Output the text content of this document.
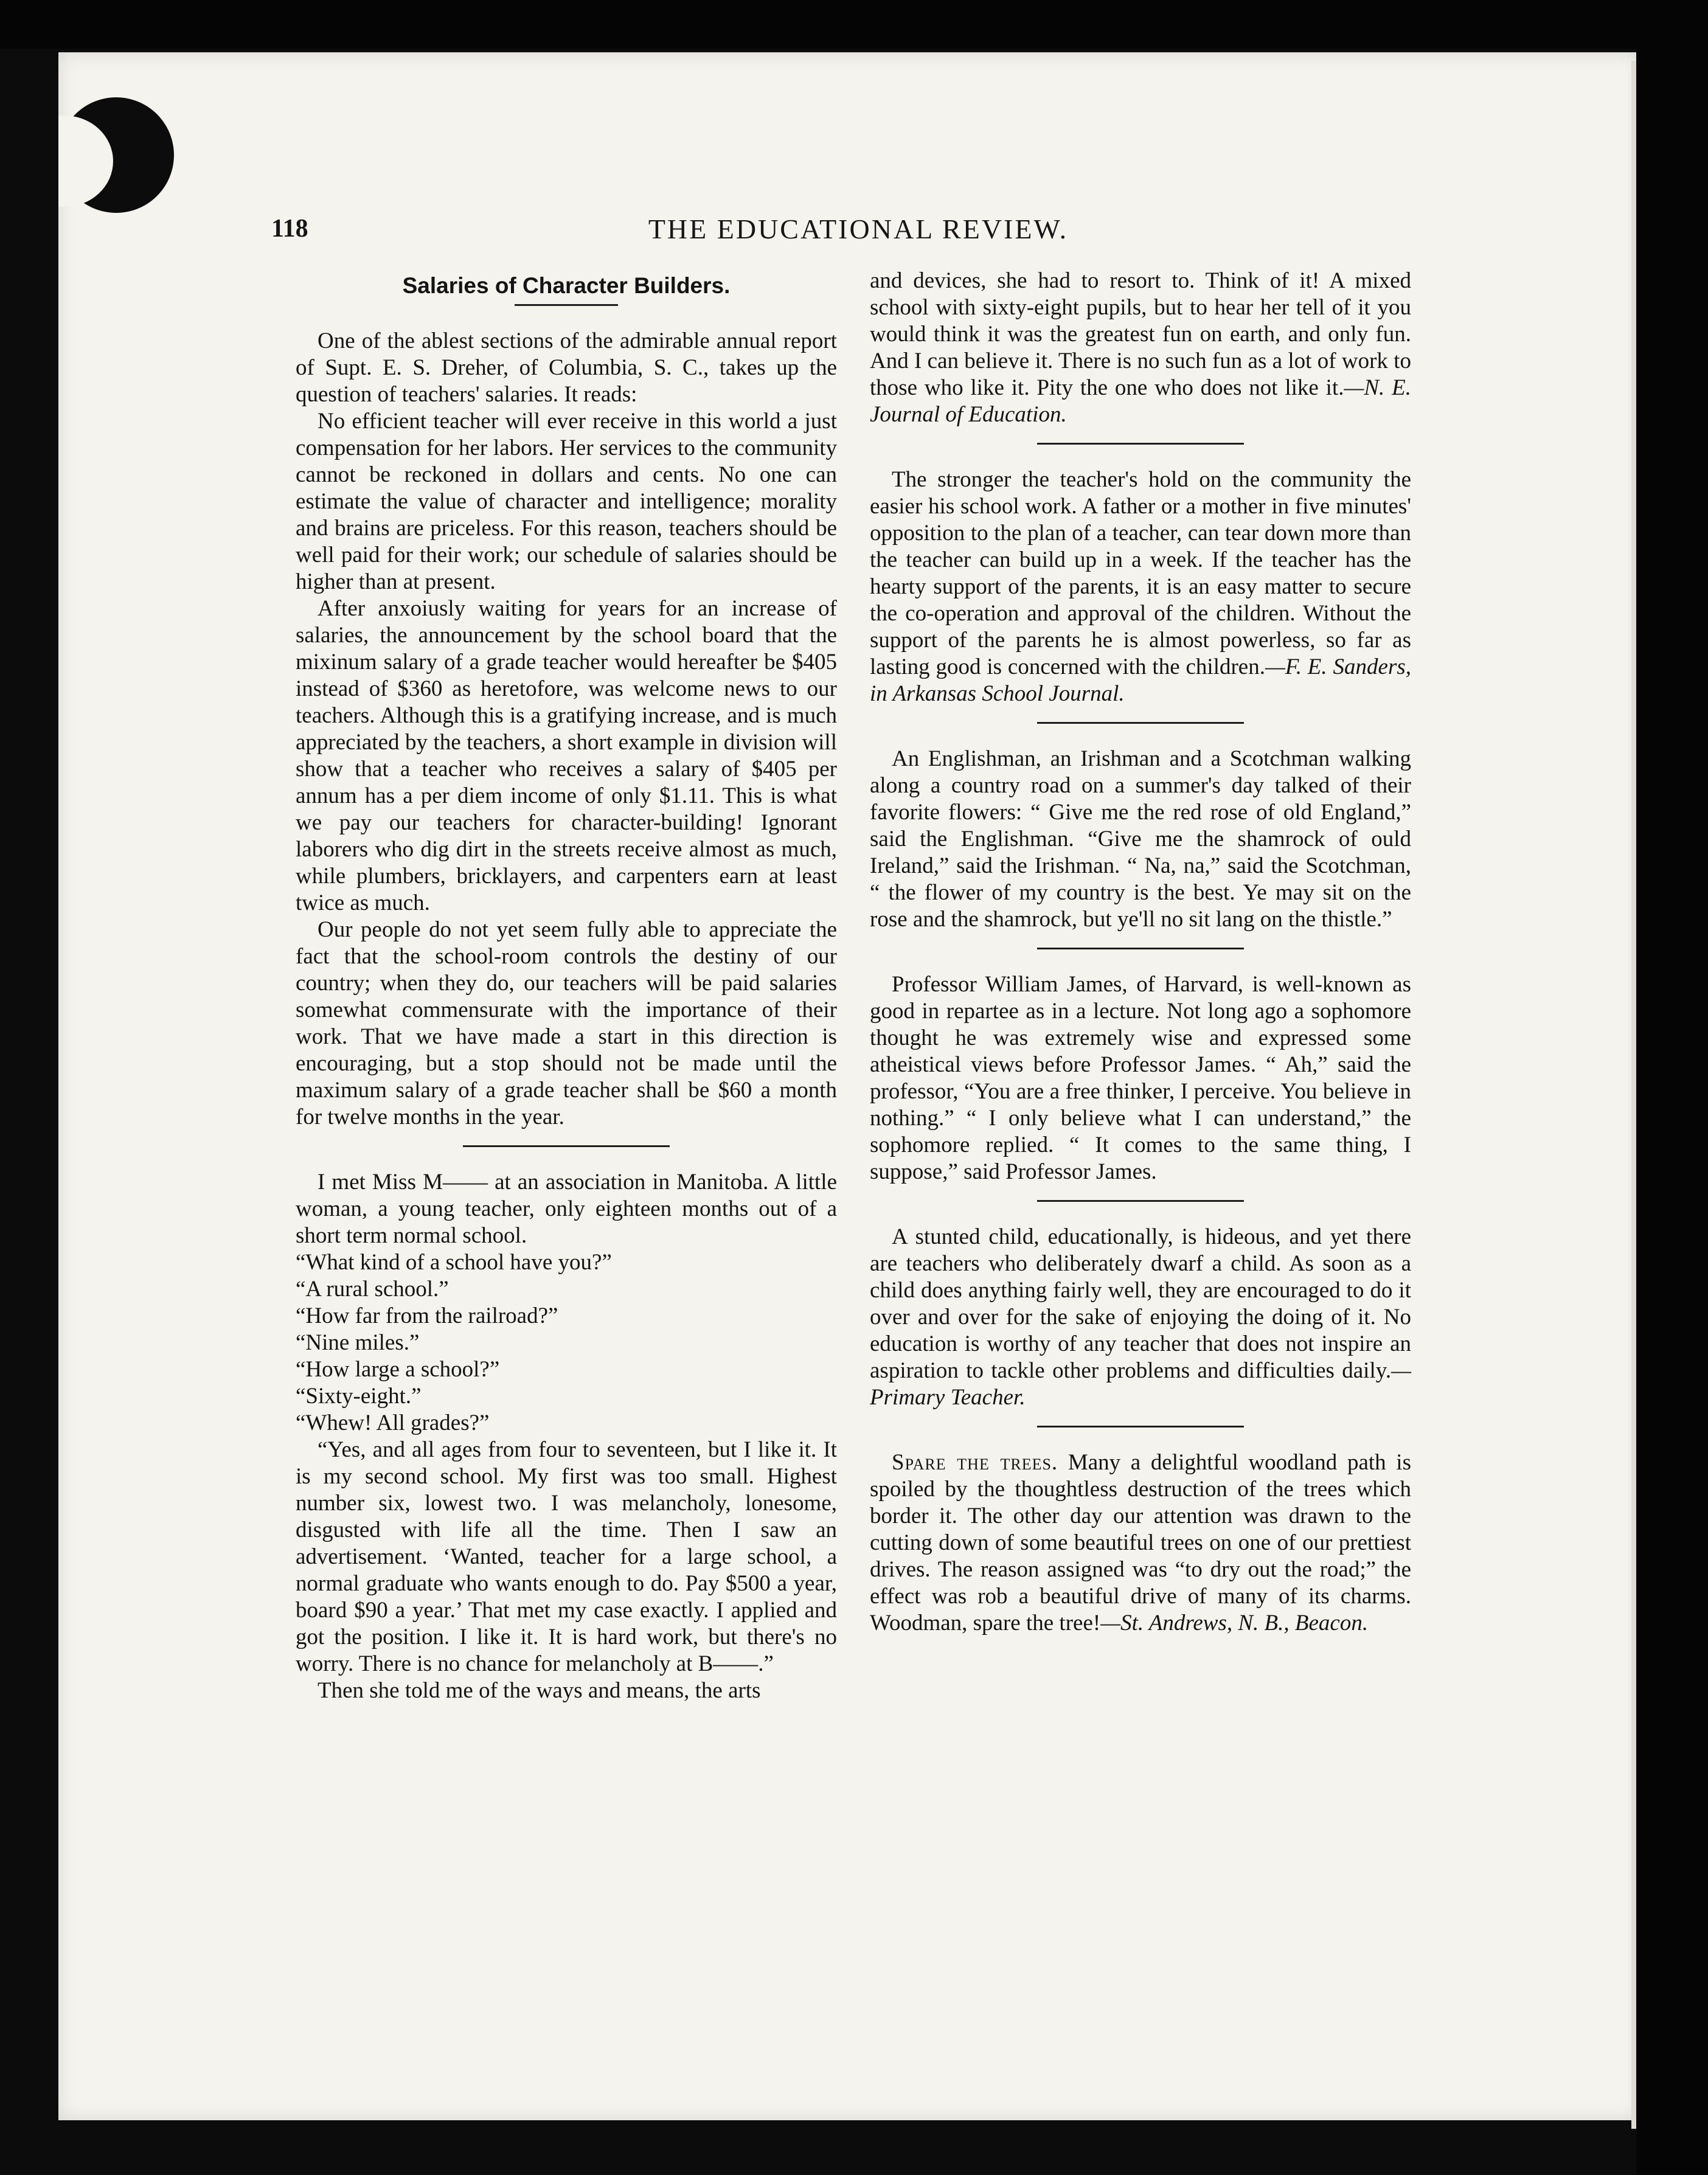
118	THE EDUCATIONAL REVIEW.
Salaries of Character Builders.

One of the ablest sections of the admirable annual report of Supt. E. S. Dreher, of Columbia, S. C., takes up the question of teachers' salaries. It reads:

No efficient teacher will ever receive in this world a just compensation for her labors. Her services to the community cannot be reckoned in dollars and cents. No one can estimate the value of character and intelligence; morality and brains are priceless. For this reason, teachers should be well paid for their work; our schedule of salaries should be higher than at present.

After anxoiusly waiting for years for an increase of salaries, the announcement by the school board that the mixinum salary of a grade teacher would hereafter be $405 instead of $360 as heretofore, was welcome news to our teachers. Although this is a gratifying increase, and is much appreciated by the teachers, a short example in division will show that a teacher who receives a salary of $405 per annum has a per diem income of only $1.11. This is what we pay our teachers for character-building! Ignorant laborers who dig dirt in the streets receive almost as much, while plumbers, bricklayers, and carpenters earn at least twice as much.

Our people do not yet seem fully able to appreciate the fact that the school-room controls the destiny of our country; when they do, our teachers will be paid salaries somewhat commensurate with the importance of their work. That we have made a start in this direction is encouraging, but a stop should not be made until the maximum salary of a grade teacher shall be $60 a month for twelve months in the year.

I met Miss M—— at an association in Manitoba. A little woman, a young teacher, only eighteen months out of a short term normal school.

“What kind of a school have you?”

“A rural school.”

“How far from the railroad?”

“Nine miles.”

“How large a school?”

“Sixty-eight.”

“Whew! All grades?”

“Yes, and all ages from four to seventeen, but I like it. It is my second school. My first was too small. Highest number six, lowest two. I was melancholy, lonesome, disgusted with life all the time. Then I saw an advertisement. ‘Wanted, teacher for a large school, a normal graduate who wants enough to do. Pay $500 a year, board $90 a year.’ That met my case exactly. I applied and got the position. I like it. It is hard work, but there's no worry. There is no chance for melancholy at B——.”

Then she told me of the ways and means, the arts

and devices, she had to resort to. Think of it! A mixed school with sixty-eight pupils, but to hear her tell of it you would think it was the greatest fun on earth, and only fun. And I can believe it. There is no such fun as a lot of work to those who like it. Pity the one who does not like it.—N. E. Journal of Education.

The stronger the teacher's hold on the community the easier his school work. A father or a mother in five minutes' opposition to the plan of a teacher, can tear down more than the teacher can build up in a week. If the teacher has the hearty support of the parents, it is an easy matter to secure the co-operation and approval of the children. Without the support of the parents he is almost powerless, so far as lasting good is concerned with the children.—F. E. Sanders, in Arkansas School Journal.

An Englishman, an Irishman and a Scotchman walking along a country road on a summer's day talked of their favorite flowers: “ Give me the red rose of old England,” said the Englishman. “Give me the shamrock of ould Ireland,” said the Irishman. “ Na, na,” said the Scotchman, “ the flower of my country is the best. Ye may sit on the rose and the shamrock, but ye'll no sit lang on the thistle.”

Professor William James, of Harvard, is well-known as good in repartee as in a lecture. Not long ago a sophomore thought he was extremely wise and expressed some atheistical views before Professor James. “ Ah,” said the professor, “You are a free thinker, I perceive. You believe in nothing.” “ I only believe what I can understand,” the sophomore replied. “ It comes to the same thing, I suppose,” said Professor James.

A stunted child, educationally, is hideous, and yet there are teachers who deliberately dwarf a child. As soon as a child does anything fairly well, they are encouraged to do it over and over for the sake of enjoying the doing of it. No education is worthy of any teacher that does not inspire an aspiration to tackle other problems and difficulties daily.—Primary Teacher.

Spare the trees. Many a delightful woodland path is spoiled by the thoughtless destruction of the trees which border it. The other day our attention was drawn to the cutting down of some beautiful trees on one of our prettiest drives. The reason assigned was “to dry out the road;” the effect was rob a beautiful drive of many of its charms. Woodman, spare the tree!—St. Andrews, N. B., Beacon.
